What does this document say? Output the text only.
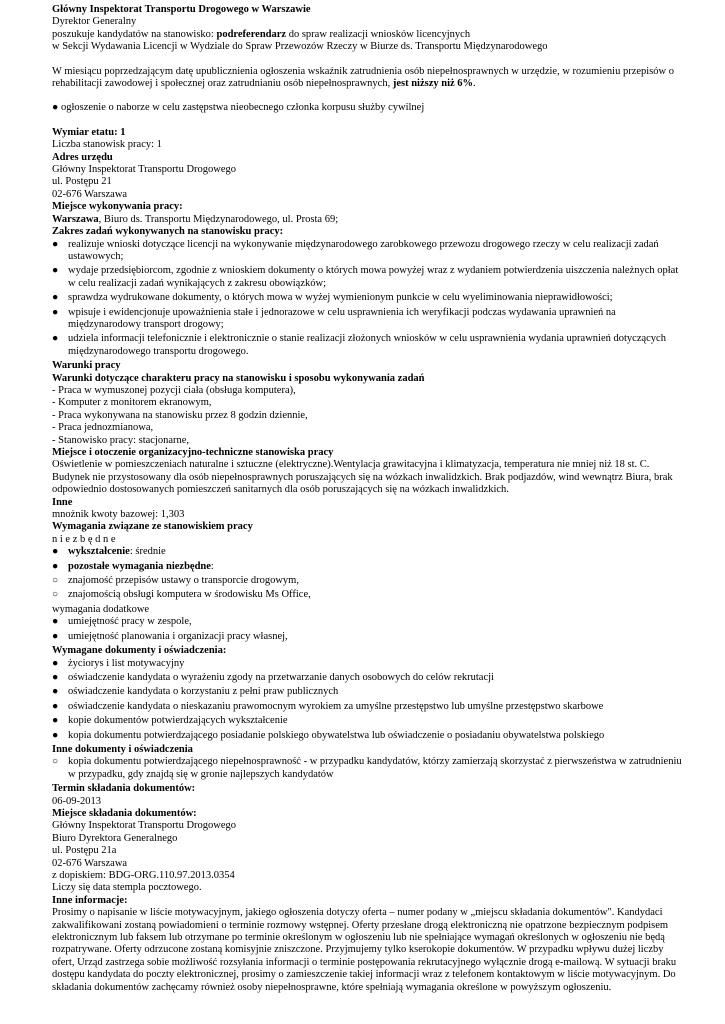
Główny Inspektorat Transportu Drogowego w Warszawie

Dyrektor Generalny

poszukuje kandydatów na stanowisko: podreferendarz do spraw realizacji wniosków licencyjnych

w Sekcji Wydawania Licencji w Wydziale do Spraw Przewozów Rzeczy w Biurze ds. Transportu Międzynarodowego

W miesiącu poprzedzającym datę upublicznienia ogłoszenia wskaźnik zatrudnienia osób niepełnosprawnych w urzędzie, w rozumieniu przepisów o rehabilitacji zawodowej i społecznej oraz zatrudnianiu osób niepełnosprawnych, jest niższy niż 6%.

● ogłoszenie o naborze w celu zastępstwa nieobecnego członka korpusu służby cywilnej

Wymiar etatu: 1

Liczba stanowisk pracy: 1

Adres urzędu

Główny Inspektorat Transportu Drogowego

ul. Postępu 21

02-676 Warszawa

Miejsce wykonywania pracy:

Warszawa, Biuro ds. Transportu Międzynarodowego, ul. Prosta 69;

Zakres zadań wykonywanych na stanowisku pracy:

● realizuje wnioski dotyczące licencji na wykonywanie międzynarodowego zarobkowego przewozu drogowego rzeczy w celu realizacji zadań ustawowych;
● wydaje przedsiębiorcom, zgodnie z wnioskiem dokumenty o których mowa powyżej wraz z wydaniem potwierdzenia uiszczenia należnych opłat w celu realizacji zadań wynikających z zakresu obowiązków;
● sprawdza wydrukowane dokumenty, o których mowa w wyżej wymienionym punkcie w celu wyeliminowania nieprawidłowości;
● wpisuje i ewidencjonuje upoważnienia stałe i jednorazowe w celu usprawnienia ich weryfikacji podczas wydawania uprawnień na międzynarodowy transport drogowy;
● udziela informacji telefonicznie i elektronicznie o stanie realizacji złożonych wniosków w celu usprawnienia wydania uprawnień dotyczących międzynarodowego transportu drogowego.

Warunki pracy

Warunki dotyczące charakteru pracy na stanowisku i sposobu wykonywania zadań

- Praca w wymuszonej pozycji ciała (obsługa komputera),

- Komputer z monitorem ekranowym,

- Praca wykonywana na stanowisku przez 8 godzin dziennie,

- Praca jednozmianowa,

- Stanowisko pracy: stacjonarne,

Miejsce i otoczenie organizacyjno-techniczne stanowiska pracy

Oświetlenie w pomieszczeniach naturalne i sztuczne (elektryczne).Wentylacja grawitacyjna i klimatyzacja, temperatura nie mniej niż 18 st. C. Budynek nie przystosowany dla osób niepełnosprawnych poruszających się na wózkach inwalidzkich. Brak podjazdów, wind wewnątrz Biura, brak odpowiednio dostosowanych pomieszczeń sanitarnych dla osób poruszających się na wózkach inwalidzkich.

Inne

mnożnik kwoty bazowej: 1,303

Wymagania związane ze stanowiskiem pracy

n i e z b ę d n e

● wykształcenie: średnie
● pozostałe wymagania niezbędne:
○ znajomość przepisów ustawy o transporcie drogowym,
○ znajomością obsługi komputera w środowisku Ms Office,

wymagania dodatkowe

● umiejętność pracy w zespole,
● umiejętność planowania i organizacji pracy własnej,

Wymagane dokumenty i oświadczenia:

● życiorys i list motywacyjny
● oświadczenie kandydata o wyrażeniu zgody na przetwarzanie danych osobowych do celów rekrutacji
● oświadczenie kandydata o korzystaniu z pełni praw publicznych
● oświadczenie kandydata o nieskazaniu prawomocnym wyrokiem za umyślne przestępstwo lub umyślne przestępstwo skarbowe
● kopie dokumentów potwierdzających wykształcenie
● kopia dokumentu potwierdzającego posiadanie polskiego obywatelstwa lub oświadczenie o posiadaniu obywatelstwa polskiego

Inne dokumenty i oświadczenia

○ kopia dokumentu potwierdzającego niepełnosprawność - w przypadku kandydatów, którzy zamierzają skorzystać z pierwszeństwa w zatrudnieniu w przypadku, gdy znajdą się w gronie najlepszych kandydatów

Termin składania dokumentów:

06-09-2013

Miejsce składania dokumentów:

Główny Inspektorat Transportu Drogowego

Biuro Dyrektora Generalnego

ul. Postępu 21a

02-676 Warszawa

z dopiskiem: BDG-ORG.110.97.2013.0354

Liczy się data stempla pocztowego.

Inne informacje:

Prosimy o napisanie w liście motywacyjnym, jakiego ogłoszenia dotyczy oferta – numer podany w „miejscu składania dokumentów". Kandydaci zakwalifikowani zostaną powiadomieni o terminie rozmowy wstępnej. Oferty przesłane drogą elektroniczną nie opatrzone bezpiecznym podpisem elektronicznym lub faksem lub otrzymane po terminie określonym w ogłoszeniu lub nie spełniające wymagań określonych w ogłoszeniu nie będą rozpatrywane. Oferty odrzucone zostaną komisyjnie zniszczone. Przyjmujemy tylko kserokopie dokumentów. W przypadku wpływu dużej liczby ofert, Urząd zastrzega sobie możliwość rozsyłania informacji o terminie postępowania rekrutacyjnego wyłącznie drogą e-mailową. W sytuacji braku dostępu kandydata do poczty elektronicznej, prosimy o zamieszczenie takiej informacji wraz z telefonem kontaktowym w liście motywacyjnym. Do składania dokumentów zachęcamy również osoby niepełnosprawne, które spełniają wymagania określone w powyższym ogłoszeniu.
